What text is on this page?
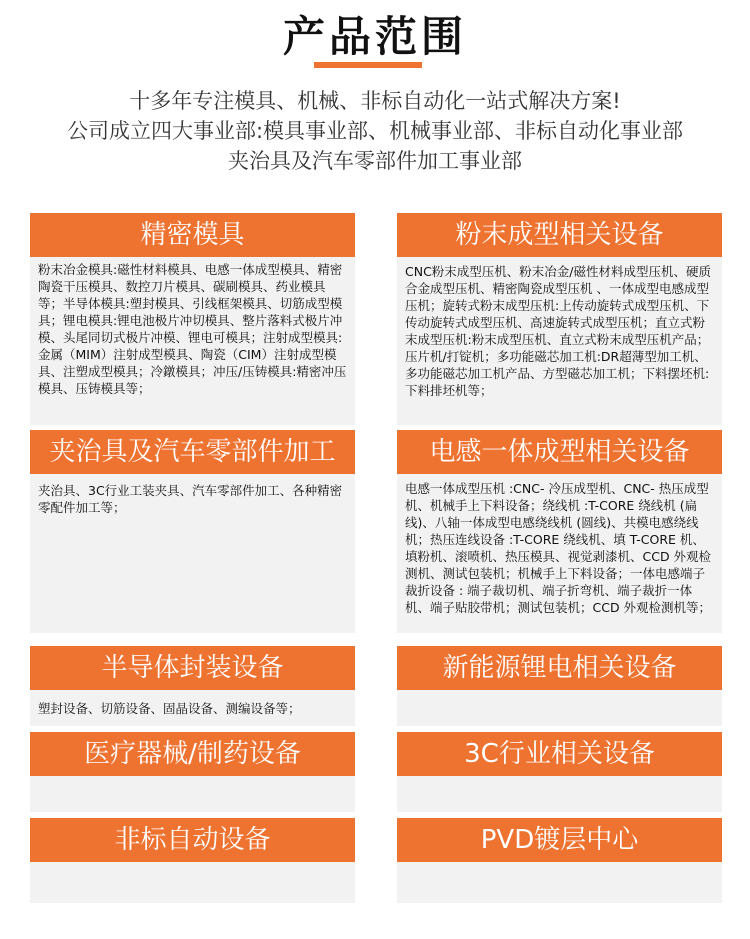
产品范围
十多年专注模具、机械、非标自动化一站式解决方案!
公司成立四大事业部:模具事业部、机械事业部、非标自动化事业部
夹治具及汽车零部件加工事业部
精密模具
粉末冶金模具:磁性材料模具、电感一体成型模具、精密陶瓷干压模具、数控刀片模具、碳刷模具、药业模具等；半导体模具:塑封模具、引线框架模具、切筋成型模具；锂电模具:锂电池极片冲切模具、整片落料式极片冲模、头尾同切式极片冲模、锂电可模具；注射成型模具:金属（MIM）注射成型模具、陶瓷（CIM）注射成型模具、注塑成型模具；冷鐓模具；冲压/压铸模具:精密冲压模具、压铸模具等；
粉末成型相关设备
CNC粉末成型压机、粉末冶金/磁性材料成型压机、硬质合金成型压机、精密陶瓷成型压机 、一体成型电感成型压机；旋转式粉末成型压机:上传动旋转式成型压机、下传动旋转式成型压机、高速旋转式成型压机；直立式粉末成型压机:粉末成型压机、直立式粉末成型压机产品；压片机/打锭机；多功能磁芯加工机:DR超薄型加工机、多功能磁芯加工机产品、方型磁芯加工机；下料摆坯机:下料排坯机等；
夹治具及汽车零部件加工
夹治具、3C行业工装夹具、汽车零部件加工、各种精密零配件加工等；
电感一体成型相关设备
电感一体成型压机 :CNC- 冷压成型机、CNC- 热压成型机、机械手上下料设备；绕线机 :T-CORE 绕线机 (扁线)、八轴一体成型电感绕线机 (圆线)、共模电感绕线机；热压连线设备 :T-CORE 绕线机、填 T-CORE 机、填粉机、滚喷机、热压模具、视觉剥漆机、CCD 外观检测机、测试包装机；机械手上下料设备；一体电感端子裁折设备 : 端子裁切机、端子折弯机、端子裁折一体机、端子贴胶带机；测试包装机；CCD 外观检测机等；
半导体封装设备
塑封设备、切筋设备、固晶设备、测编设备等；
新能源锂电相关设备
医疗器械/制药设备	3C行业相关设备
非标自动设备	PVD镀层中心
